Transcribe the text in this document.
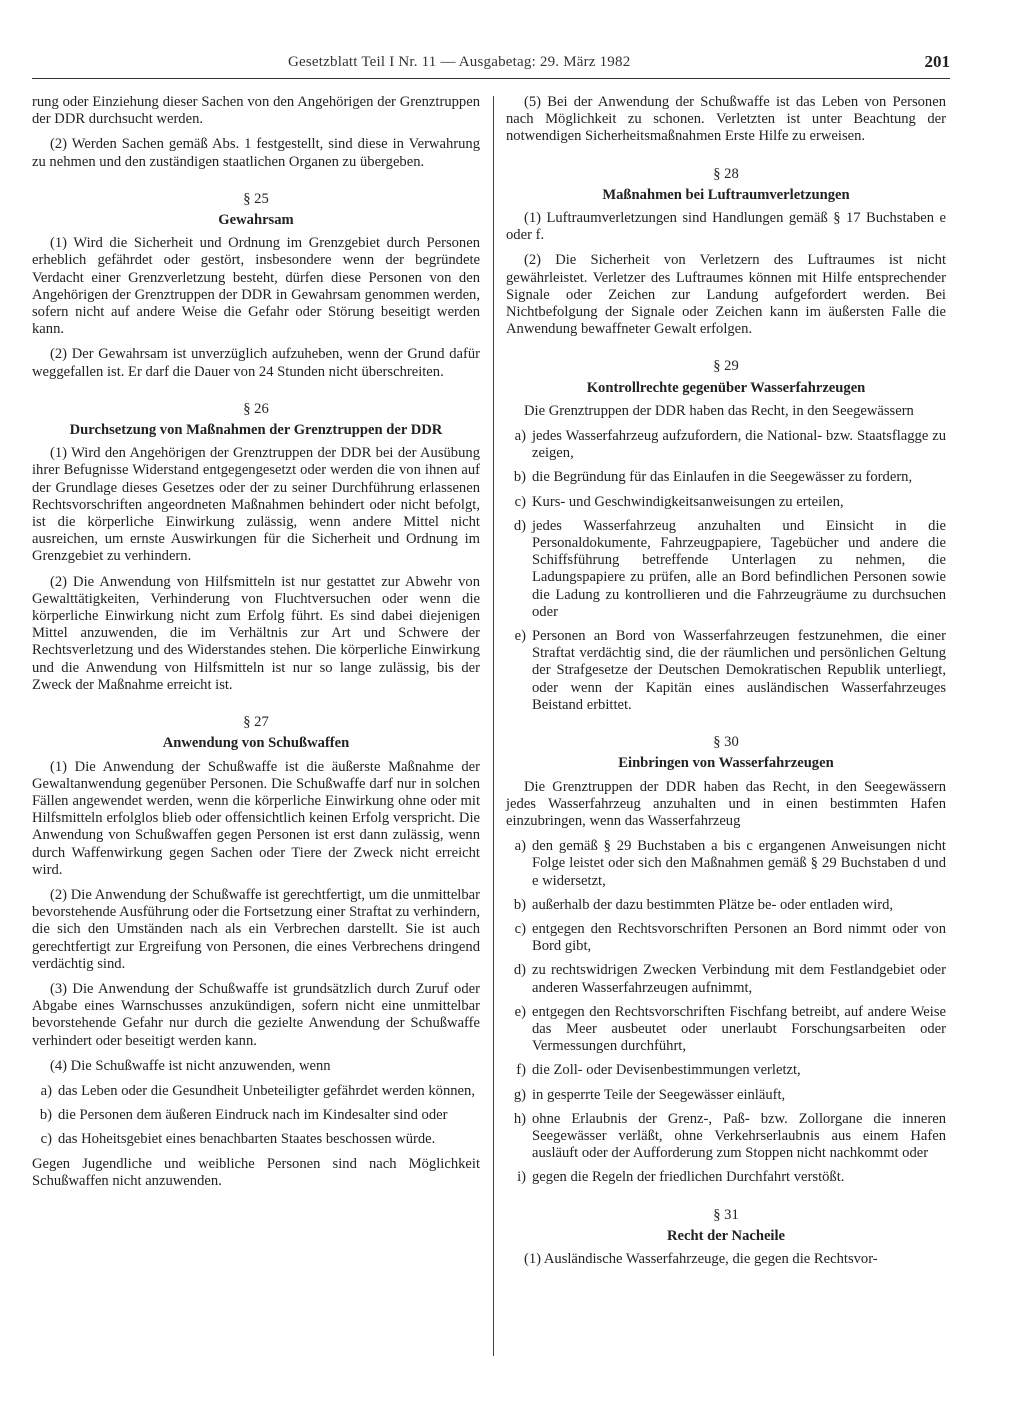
Gesetzblatt Teil I Nr. 11 — Ausgabetag: 29. März 1982	201

rung oder Einziehung dieser Sachen von den Angehörigen der Grenztruppen der DDR durchsucht werden.

(2) Werden Sachen gemäß Abs. 1 festgestellt, sind diese in Verwahrung zu nehmen und den zuständigen staatlichen Organen zu übergeben.

§ 25
Gewahrsam

(1) Wird die Sicherheit und Ordnung im Grenzgebiet durch Personen erheblich gefährdet oder gestört, insbesondere wenn der begründete Verdacht einer Grenzverletzung besteht, dürfen diese Personen von den Angehörigen der Grenztruppen der DDR in Gewahrsam genommen werden, sofern nicht auf andere Weise die Gefahr oder Störung beseitigt werden kann.

(2) Der Gewahrsam ist unverzüglich aufzuheben, wenn der Grund dafür weggefallen ist. Er darf die Dauer von 24 Stunden nicht überschreiten.

§ 26
Durchsetzung von Maßnahmen der Grenztruppen der DDR

(1) Wird den Angehörigen der Grenztruppen der DDR bei der Ausübung ihrer Befugnisse Widerstand entgegengesetzt oder werden die von ihnen auf der Grundlage dieses Gesetzes oder der zu seiner Durchführung erlassenen Rechtsvorschriften angeordneten Maßnahmen behindert oder nicht befolgt, ist die körperliche Einwirkung zulässig, wenn andere Mittel nicht ausreichen, um ernste Auswirkungen für die Sicherheit und Ordnung im Grenzgebiet zu verhindern.

(2) Die Anwendung von Hilfsmitteln ist nur gestattet zur Abwehr von Gewalttätigkeiten, Verhinderung von Fluchtversuchen oder wenn die körperliche Einwirkung nicht zum Erfolg führt. Es sind dabei diejenigen Mittel anzuwenden, die im Verhältnis zur Art und Schwere der Rechtsverletzung und des Widerstandes stehen. Die körperliche Einwirkung und die Anwendung von Hilfsmitteln ist nur so lange zulässig, bis der Zweck der Maßnahme erreicht ist.

§ 27
Anwendung von Schußwaffen

(1) Die Anwendung der Schußwaffe ist die äußerste Maßnahme der Gewaltanwendung gegenüber Personen. Die Schußwaffe darf nur in solchen Fällen angewendet werden, wenn die körperliche Einwirkung ohne oder mit Hilfsmitteln erfolglos blieb oder offensichtlich keinen Erfolg verspricht. Die Anwendung von Schußwaffen gegen Personen ist erst dann zulässig, wenn durch Waffenwirkung gegen Sachen oder Tiere der Zweck nicht erreicht wird.

(2) Die Anwendung der Schußwaffe ist gerechtfertigt, um die unmittelbar bevorstehende Ausführung oder die Fortsetzung einer Straftat zu verhindern, die sich den Umständen nach als ein Verbrechen darstellt. Sie ist auch gerechtfertigt zur Ergreifung von Personen, die eines Verbrechens dringend verdächtig sind.

(3) Die Anwendung der Schußwaffe ist grundsätzlich durch Zuruf oder Abgabe eines Warnschusses anzukündigen, sofern nicht eine unmittelbar bevorstehende Gefahr nur durch die gezielte Anwendung der Schußwaffe verhindert oder beseitigt werden kann.

(4) Die Schußwaffe ist nicht anzuwenden, wenn

a) das Leben oder die Gesundheit Unbeteiligter gefährdet werden können,
b) die Personen dem äußeren Eindruck nach im Kindesalter sind oder
c) das Hoheitsgebiet eines benachbarten Staates beschossen würde.

Gegen Jugendliche und weibliche Personen sind nach Möglichkeit Schußwaffen nicht anzuwenden.

(5) Bei der Anwendung der Schußwaffe ist das Leben von Personen nach Möglichkeit zu schonen. Verletzten ist unter Beachtung der notwendigen Sicherheitsmaßnahmen Erste Hilfe zu erweisen.

§ 28
Maßnahmen bei Luftraumverletzungen

(1) Luftraumverletzungen sind Handlungen gemäß § 17 Buchstaben e oder f.

(2) Die Sicherheit von Verletzern des Luftraumes ist nicht gewährleistet. Verletzer des Luftraumes können mit Hilfe entsprechender Signale oder Zeichen zur Landung aufgefordert werden. Bei Nichtbefolgung der Signale oder Zeichen kann im äußersten Falle die Anwendung bewaffneter Gewalt erfolgen.

§ 29
Kontrollrechte gegenüber Wasserfahrzeugen

Die Grenztruppen der DDR haben das Recht, in den Seegewässern

a) jedes Wasserfahrzeug aufzufordern, die National- bzw. Staatsflagge zu zeigen,
b) die Begründung für das Einlaufen in die Seegewässer zu fordern,
c) Kurs- und Geschwindigkeitsanweisungen zu erteilen,
d) jedes Wasserfahrzeug anzuhalten und Einsicht in die Personaldokumente, Fahrzeugpapiere, Tagebücher und andere die Schiffsführung betreffende Unterlagen zu nehmen, die Ladungspapiere zu prüfen, alle an Bord befindlichen Personen sowie die Ladung zu kontrollieren und die Fahrzeugräume zu durchsuchen oder
e) Personen an Bord von Wasserfahrzeugen festzunehmen, die einer Straftat verdächtig sind, die der räumlichen und persönlichen Geltung der Strafgesetze der Deutschen Demokratischen Republik unterliegt, oder wenn der Kapitän eines ausländischen Wasserfahrzeuges Beistand erbittet.
§ 30
Einbringen von Wasserfahrzeugen

Die Grenztruppen der DDR haben das Recht, in den Seegewässern jedes Wasserfahrzeug anzuhalten und in einen bestimmten Hafen einzubringen, wenn das Wasserfahrzeug

a) den gemäß § 29 Buchstaben a bis c ergangenen Anweisungen nicht Folge leistet oder sich den Maßnahmen gemäß § 29 Buchstaben d und e widersetzt,
b) außerhalb der dazu bestimmten Plätze be- oder entladen wird,
c) entgegen den Rechtsvorschriften Personen an Bord nimmt oder von Bord gibt,
d) zu rechtswidrigen Zwecken Verbindung mit dem Festlandgebiet oder anderen Wasserfahrzeugen aufnimmt,
e) entgegen den Rechtsvorschriften Fischfang betreibt, auf andere Weise das Meer ausbeutet oder unerlaubt Forschungsarbeiten oder Vermessungen durchführt,
f) die Zoll- oder Devisenbestimmungen verletzt,
g) in gesperrte Teile der Seegewässer einläuft,
h) ohne Erlaubnis der Grenz-, Paß- bzw. Zollorgane die inneren Seegewässer verläßt, ohne Verkehrserlaubnis aus einem Hafen ausläuft oder der Aufforderung zum Stoppen nicht nachkommt oder
i) gegen die Regeln der friedlichen Durchfahrt verstößt.
§ 31
Recht der Nacheile

(1) Ausländische Wasserfahrzeuge, die gegen die Rechtsvor-
